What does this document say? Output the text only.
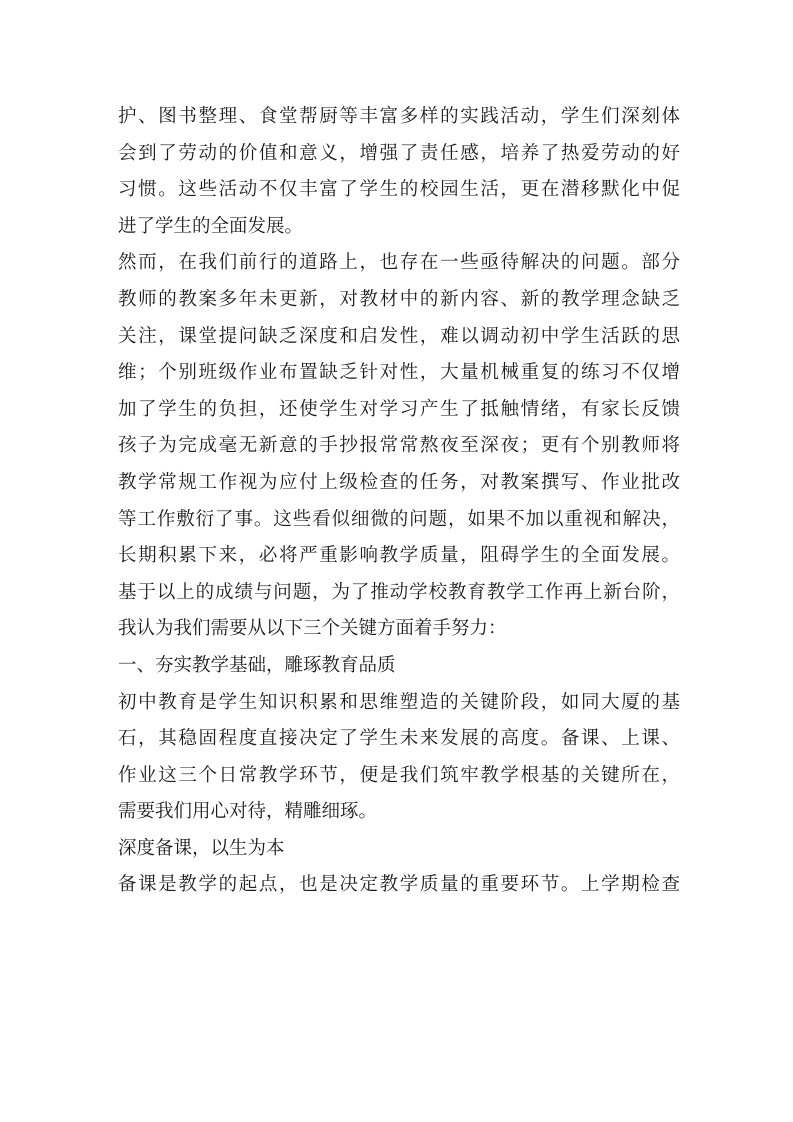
护、图书整理、食堂帮厨等丰富多样的实践活动，学生们深刻体
会到了劳动的价值和意义，增强了责任感，培养了热爱劳动的好
习惯。这些活动不仅丰富了学生的校园生活，更在潜移默化中促
进了学生的全面发展。
然而，在我们前行的道路上，也存在一些亟待解决的问题。部分
教师的教案多年未更新，对教材中的新内容、新的教学理念缺乏
关注，课堂提问缺乏深度和启发性，难以调动初中学生活跃的思
维；个别班级作业布置缺乏针对性，大量机械重复的练习不仅增
加了学生的负担，还使学生对学习产生了抵触情绪，有家长反馈
孩子为完成毫无新意的手抄报常常熬夜至深夜；更有个别教师将
教学常规工作视为应付上级检查的任务，对教案撰写、作业批改
等工作敷衍了事。这些看似细微的问题，如果不加以重视和解决，
长期积累下来，必将严重影响教学质量，阻碍学生的全面发展。
基于以上的成绩与问题，为了推动学校教育教学工作再上新台阶，
我认为我们需要从以下三个关键方面着手努力：
一、夯实教学基础，雕琢教育品质
初中教育是学生知识积累和思维塑造的关键阶段，如同大厦的基
石，其稳固程度直接决定了学生未来发展的高度。备课、上课、
作业这三个日常教学环节，便是我们筑牢教学根基的关键所在，
需要我们用心对待，精雕细琢。
深度备课，以生为本
备课是教学的起点，也是决定教学质量的重要环节。上学期检查
